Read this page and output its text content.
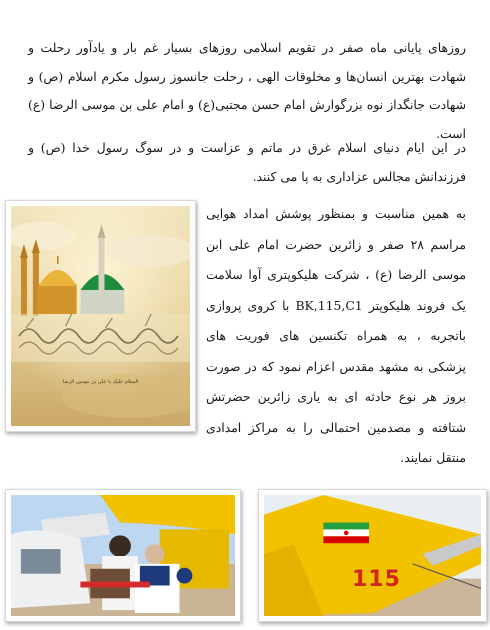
روزهای پایانی ماه صفر در تقویم اسلامی روزهای بسیار غم بار و یادآور رحلت و شهادت بهترین انسان‌ها و مخلوقات الهی ، رحلت جانسوز رسول مکرم اسلام (ص) و شهادت جانگداز نوه بزرگوارش امام حسن مجتبی(ع) و امام علی بن موسی الرضا (ع) است.

در این ایام دنیای اسلام غرق در ماتم و عزاست و در سوگ رسول خدا (ص) و فرزندانش مجالس عزاداری به پا می کنند.

به همین مناسبت و بمنظور پوشش امداد هوایی مراسم ۲۸ صفر و زائرین حضرت امام علی ابن موسی الرضا (ع) ، شرکت هلیکوپتری آوا سلامت یک فروند هلیکوپتر BK,115,C1 با کروی پروازی باتجربه ، به همراه تکنسین های فوریت های پزشکی به مشهد مقدس اعزام نمود که در صورت بروز هر نوع حادثه ای به یاری زائرین حضرتش شتافته و مصدمین احتمالی را به مراکز امدادی منتقل نمایند.

السلام علیک یا علی بن موسی الرضا
115
